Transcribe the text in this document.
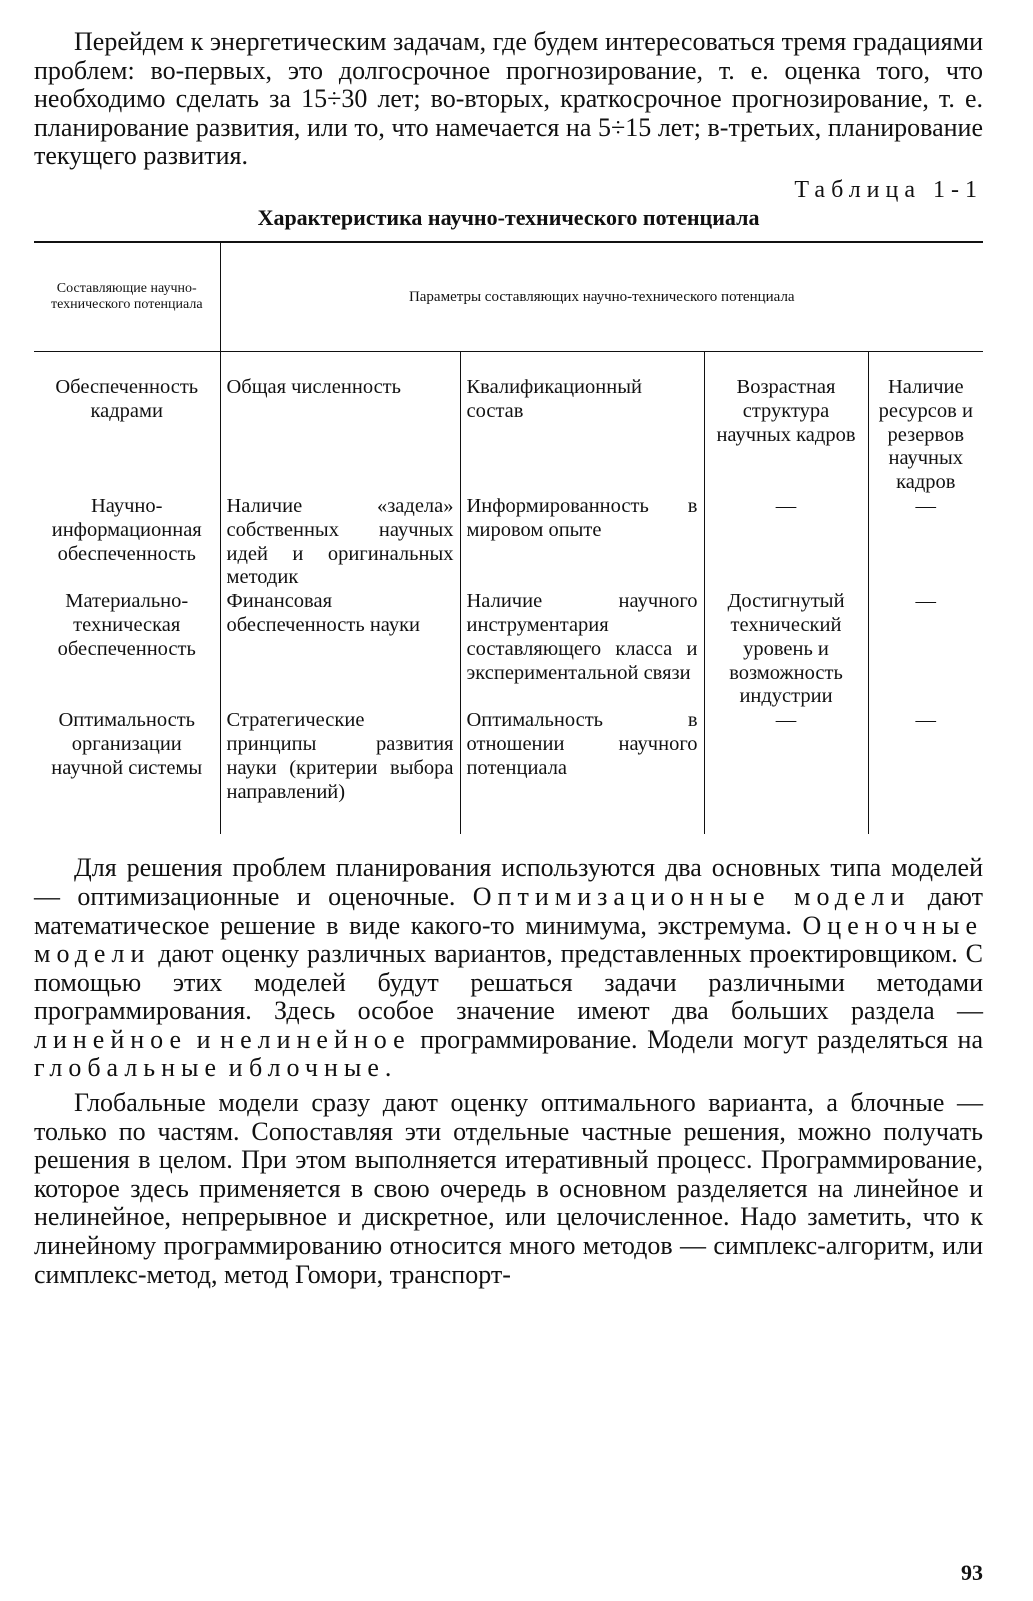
Перейдем к энергетическим задачам, где будем интересоваться тремя градациями проблем: во-первых, это долгосрочное прогнозирование, т. е. оценка того, что необходимо сделать за 15÷30 лет; во-вторых, краткосрочное прогнозирование, т. е. планирование развития, или то, что намечается на 5÷15 лет; в-третьих, планирование текущего развития.

Таблица 1-1
Характеристика научно-технического потенциала
Составляющие научно-технического потенциала	Параметры составляющих научно-технического потенциала			
Обеспеченность кадрами	Общая численность	Квалификационный состав	Возрастная структура научных кадров	Наличие ресурсов и резервов научных кадров
Научно-информационная обеспеченность	Наличие «задела» собственных научных идей и оригинальных методик	Информированность в мировом опыте	—	—
Материально-техническая обеспеченность	Финансовая обеспеченность науки	Наличие научного инструментария составляющего класса и экспериментальной связи	Достигнутый технический уровень и возможность индустрии	—
Оптимальность организации научной системы	Стратегические принципы развития науки (критерии выбора направлений)	Оптимальность в отношении научного потенциала	—	—

Для решения проблем планирования используются два основных типа моделей — оптимизационные и оценочные. Оптимизационные модели дают математическое решение в виде какого-то минимума, экстремума. Оценочные модели дают оценку различных вариантов, представленных проектировщиком. С помощью этих моделей будут решаться задачи различными методами программирования. Здесь особое значение имеют два больших раздела — линейное и нелинейное программирование. Модели могут разделяться на глобальные и блочные.

Глобальные модели сразу дают оценку оптимального варианта, а блочные — только по частям. Сопоставляя эти отдельные частные решения, можно получать решения в целом. При этом выполняется итеративный процесс. Программирование, которое здесь применяется в свою очередь в основном разделяется на линейное и нелинейное, непрерывное и дискретное, или целочисленное. Надо заметить, что к линейному программированию относится много методов — симплекс-алгоритм, или симплекс-метод, метод Гомори, транспорт-

93
